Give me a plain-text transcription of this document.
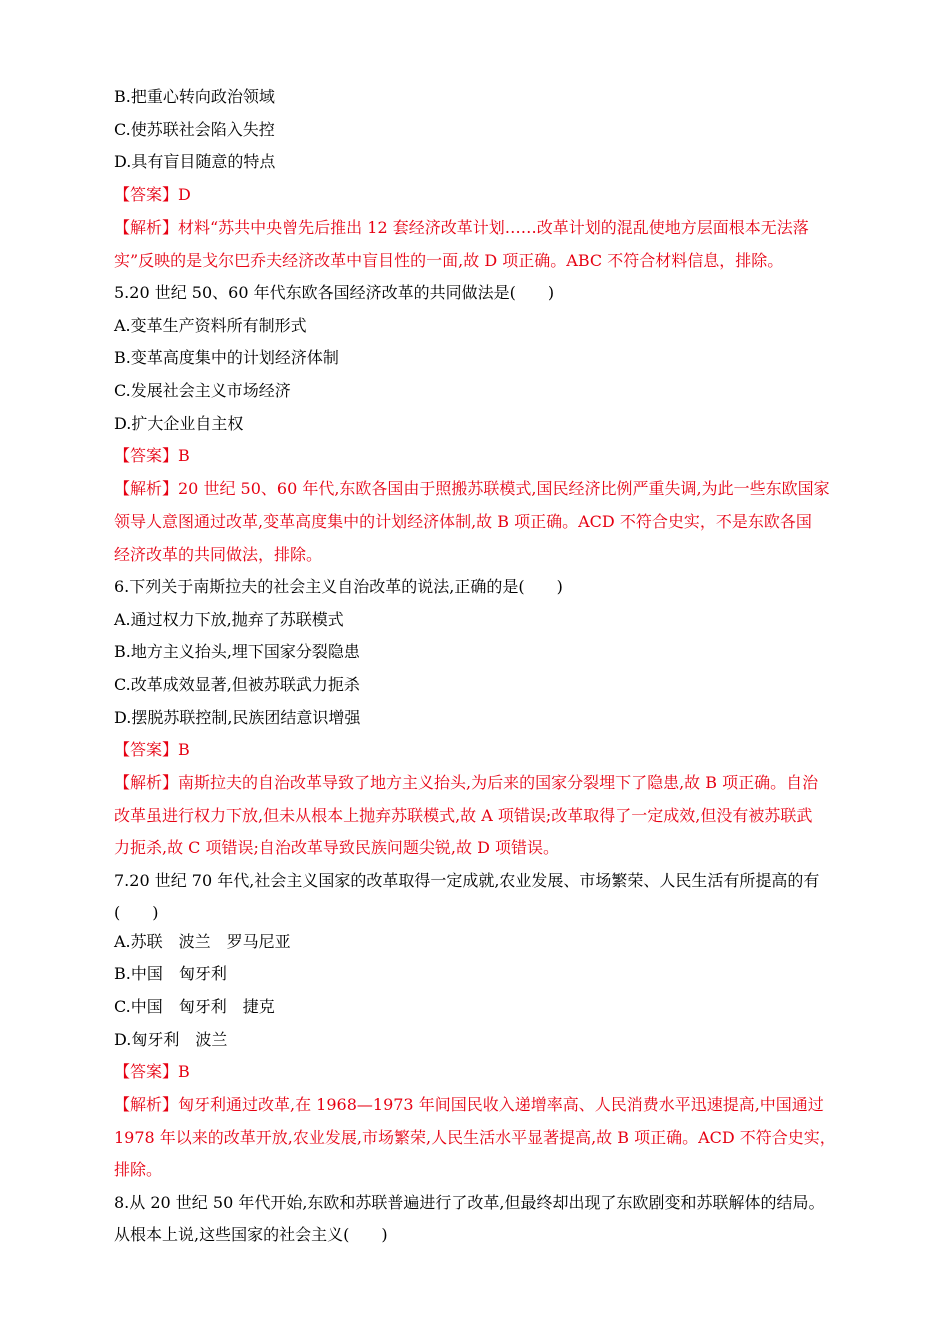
B.把重心转向政治领域
C.使苏联社会陷入失控
D.具有盲目随意的特点
【答案】D
【解析】材料“苏共中央曾先后推出 12 套经济改革计划……改革计划的混乱使地方层面根本无法落
实”反映的是戈尔巴乔夫经济改革中盲目性的一面,故 D 项正确。ABC 不符合材料信息，排除。
5.20 世纪 50、60 年代东欧各国经济改革的共同做法是(　　)
A.变革生产资料所有制形式
B.变革高度集中的计划经济体制
C.发展社会主义市场经济
D.扩大企业自主权
【答案】B
【解析】20 世纪 50、60 年代,东欧各国由于照搬苏联模式,国民经济比例严重失调,为此一些东欧国家
领导人意图通过改革,变革高度集中的计划经济体制,故 B 项正确。ACD 不符合史实，不是东欧各国
经济改革的共同做法，排除。
6.下列关于南斯拉夫的社会主义自治改革的说法,正确的是(　　)
A.通过权力下放,抛弃了苏联模式
B.地方主义抬头,埋下国家分裂隐患
C.改革成效显著,但被苏联武力扼杀
D.摆脱苏联控制,民族团结意识增强
【答案】B
【解析】南斯拉夫的自治改革导致了地方主义抬头,为后来的国家分裂埋下了隐患,故 B 项正确。自治
改革虽进行权力下放,但未从根本上抛弃苏联模式,故 A 项错误;改革取得了一定成效,但没有被苏联武
力扼杀,故 C 项错误;自治改革导致民族问题尖锐,故 D 项错误。
7.20 世纪 70 年代,社会主义国家的改革取得一定成就,农业发展、市场繁荣、人民生活有所提高的有
(　　)
A.苏联　波兰　罗马尼亚
B.中国　匈牙利
C.中国　匈牙利　捷克
D.匈牙利　波兰
【答案】B
【解析】匈牙利通过改革,在 1968—1973 年间国民收入递增率高、人民消费水平迅速提高,中国通过
1978 年以来的改革开放,农业发展,市场繁荣,人民生活水平显著提高,故 B 项正确。ACD 不符合史实，
排除。
8.从 20 世纪 50 年代开始,东欧和苏联普遍进行了改革,但最终却出现了东欧剧变和苏联解体的结局。
从根本上说,这些国家的社会主义(　　)
